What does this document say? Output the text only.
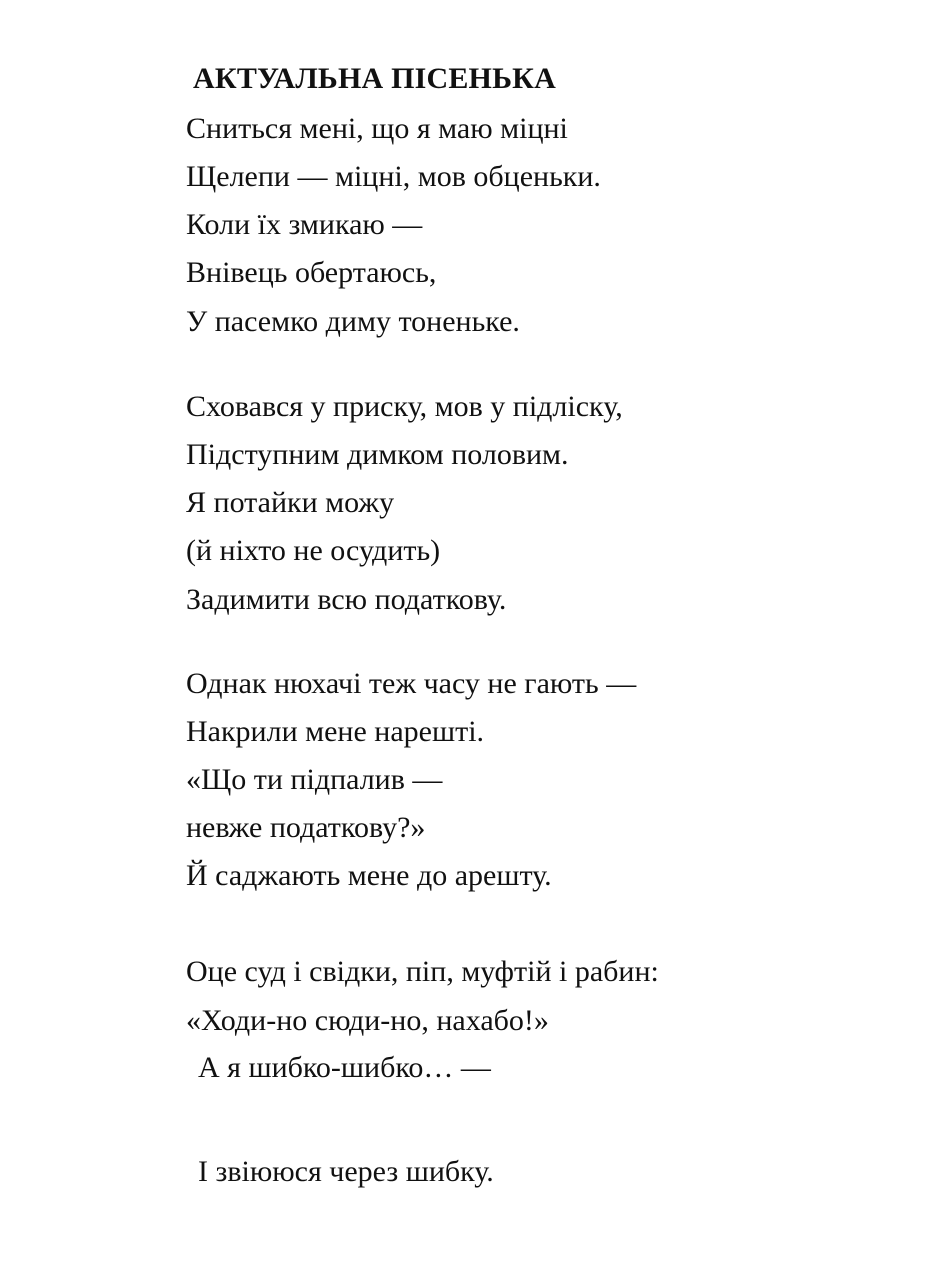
АКТУАЛЬНА ПІСЕНЬКА
Сниться мені, що я маю міцні
Щелепи — міцні, мов обценьки.
Коли їх змикаю —
Внівець обертаюсь,
У пасемко диму тоненьке.
Сховався у приску, мов у підліску,
Підступним димком половим.
Я потайки можу
(й ніхто не осудить)
Задимити всю податкову.
Однак нюхачі теж часу не гають —
Накрили мене нарешті.
«Що ти підпалив —
невже податкову?»
Й саджають мене до арешту.
Оце суд і свідки, піп, муфтій і рабин:
«Ходи-но сюди-но, нахабо!»
А я шибко-шибко… —
І звіююся через шибку.
